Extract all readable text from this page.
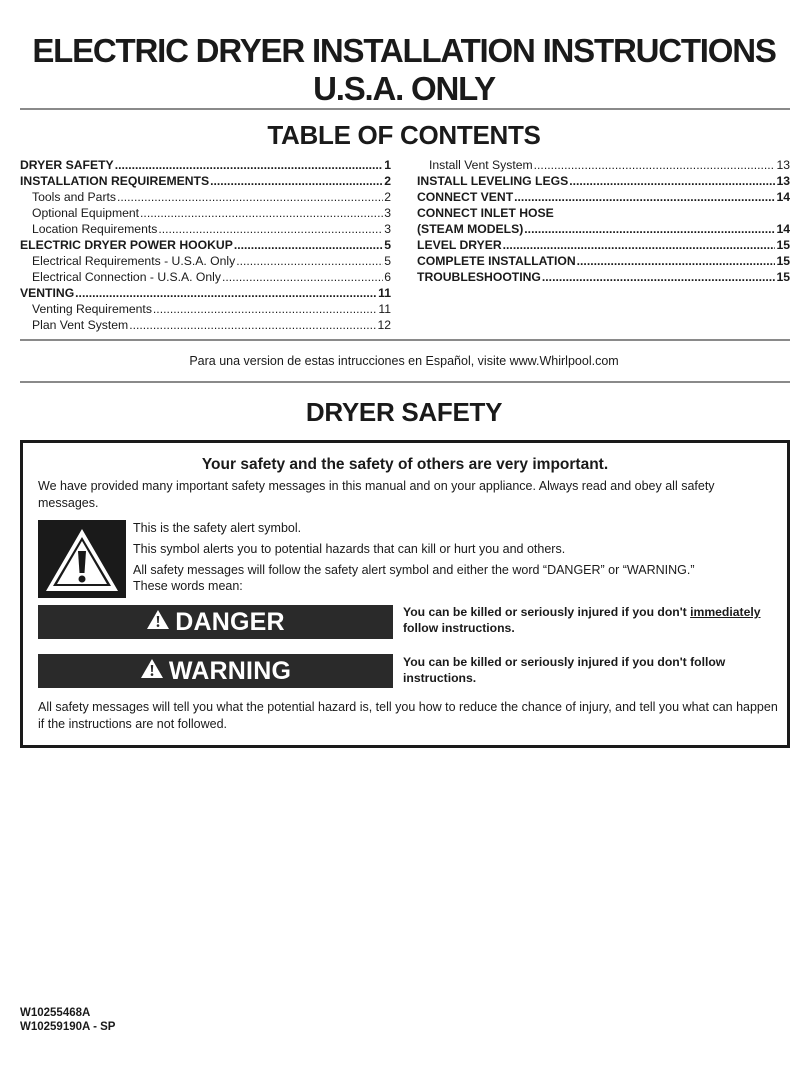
ELECTRIC DRYER INSTALLATION INSTRUCTIONS
U.S.A. ONLY
TABLE OF CONTENTS
DRYER SAFETY .....	1
INSTALLATION REQUIREMENTS .....	2
Tools and Parts .....	2
Optional Equipment .....	3
Location Requirements .....	3
ELECTRIC DRYER POWER HOOKUP .....	5
Electrical Requirements - U.S.A. Only .....	5
Electrical Connection - U.S.A. Only .....	6
VENTING .....	11
Venting Requirements .....	11
Plan Vent System .....	12
Install Vent System .....	13
INSTALL LEVELING LEGS .....	13
CONNECT VENT .....	14
CONNECT INLET HOSE
(STEAM MODELS) .....	14
LEVEL DRYER .....	15
COMPLETE INSTALLATION .....	15
TROUBLESHOOTING .....	15
Para una version de estas intrucciones en Español, visite www.Whirlpool.com
DRYER SAFETY
Your safety and the safety of others are very important.
We have provided many important safety messages in this manual and on your appliance. Always read and obey all safety messages.
This is the safety alert symbol.
This symbol alerts you to potential hazards that can kill or hurt you and others.
All safety messages will follow the safety alert symbol and either the word “DANGER” or “WARNING.”
These words mean:
DANGER	You can be killed or seriously injured if you don't immediately
follow instructions.
WARNING	You can be killed or seriously injured if you don't follow
instructions.
All safety messages will tell you what the potential hazard is, tell you how to reduce the chance of injury, and tell you what can happen if the instructions are not followed.
W10255468A
W10259190A - SP
